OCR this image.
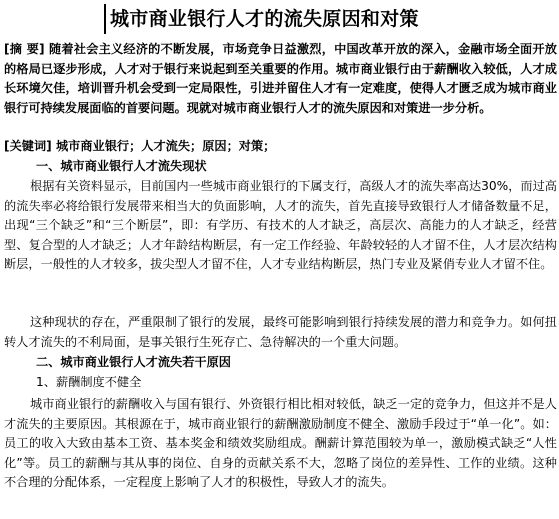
城市商业银行人才的流失原因和对策
[摘 要] 随着社会主义经济的不断发展，市场竞争日益激烈，中国改革开放的深入，金融市场全面开放的格局已逐步形成，人才对于银行来说起到至关重要的作用。城市商业银行由于薪酬收入较低，人才成长环境欠佳，培训晋升机会受到一定局限性，引进并留住人才有一定难度，使得人才匮乏成为城市商业银行可持续发展面临的首要问题。现就对城市商业银行人才的流失原因和对策进一步分析。
[关键词] 城市商业银行；人才流失；原因；对策；
一、城市商业银行人才流失现状
根据有关资料显示，目前国内一些城市商业银行的下属支行，高级人才的流失率高达30%，而过高的流失率必将给银行发展带来相当大的负面影响，人才的流失，首先直接导致银行人才储备数量不足，出现“三个缺乏”和“三个断层”，即：有学历、有技术的人才缺乏，高层次、高能力的人才缺乏，经营型、复合型的人才缺乏；人才年龄结构断层，有一定工作经验、年龄较轻的人才留不住，人才层次结构断层，一般性的人才较多，拔尖型人才留不住，人才专业结构断层，热门专业及紧俏专业人才留不住。
这种现状的存在，严重限制了银行的发展，最终可能影响到银行持续发展的潜力和竞争力。如何扭转人才流失的不利局面，是事关银行生死存亡、急待解决的一个重大问题。
二、城市商业银行人才流失若干原因
1、薪酬制度不健全
城市商业银行的薪酬收入与国有银行、外资银行相比相对较低，缺乏一定的竞争力，但这并不是人才流失的主要原因。其根源在于，城市商业银行的薪酬激励制度不健全、激励手段过于“单一化”。如：员工的收入大致由基本工资、基本奖金和绩效奖励组成。酬薪计算范围较为单一，激励模式缺乏“人性化”等。员工的薪酬与其从事的岗位、自身的贡献关系不大，忽略了岗位的差异性、工作的业绩。这种不合理的分配体系，一定程度上影响了人才的积极性，导致人才的流失。
